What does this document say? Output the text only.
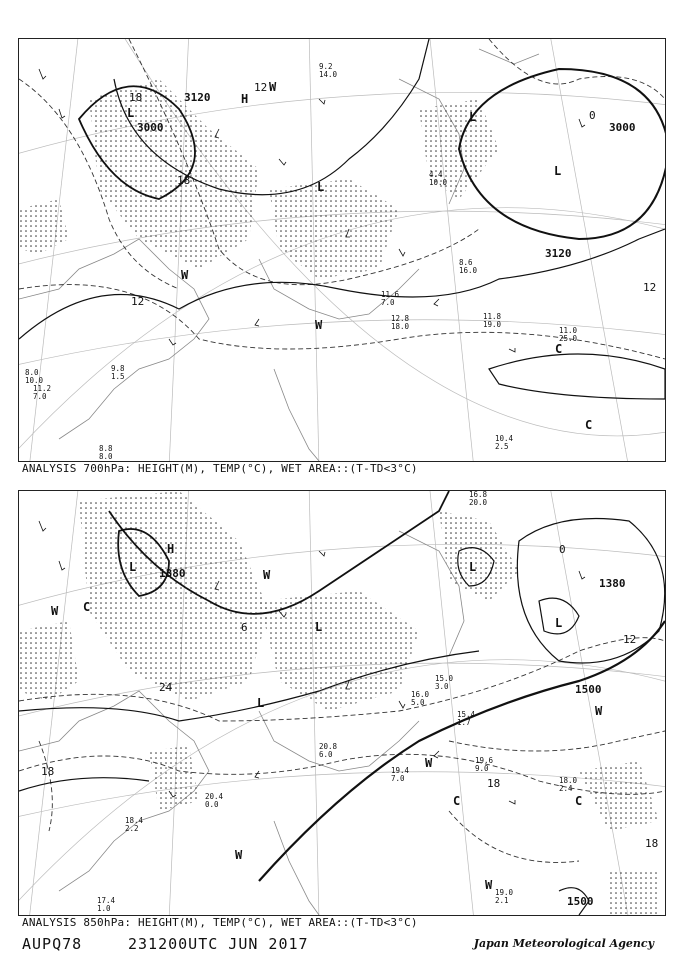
3000
3120
3000
3120
18
18
12
12
12
0
L
H
W
L
L
L
W
W
C
C
11.8
19.0
11.0
25.0
10.4
2.5
8.8
8.0
11.2
7.0
10.0
8.0	9.8
1.5
11.6
7.0
12.8
18.0
8.6
16.0
9.2
14.0
4.4
10.0
ANALYSIS 700hPa: HEIGHT(M), TEMP(°C), WET AREA::(T-TD<3°C)
1380
1380
1500
1500
24
18
18
12
18
0
6
L
H
W
W
L
L
L
L
W
W
C	C
W
W
C
19.6
9.0
18.0
2.4
19.0
2.1
17.4
1.0
18.4
2.2
20.4
0.0
19.4
7.0
15.4
1.7
16.8
20.0
15.0
3.0
16.0
5.0
20.8
6.0
ANALYSIS 850hPa: HEIGHT(M), TEMP(°C), WET AREA::(T-TD<3°C)
AUPQ78	231200UTC JUN 2017	Japan Meteorological Agency
